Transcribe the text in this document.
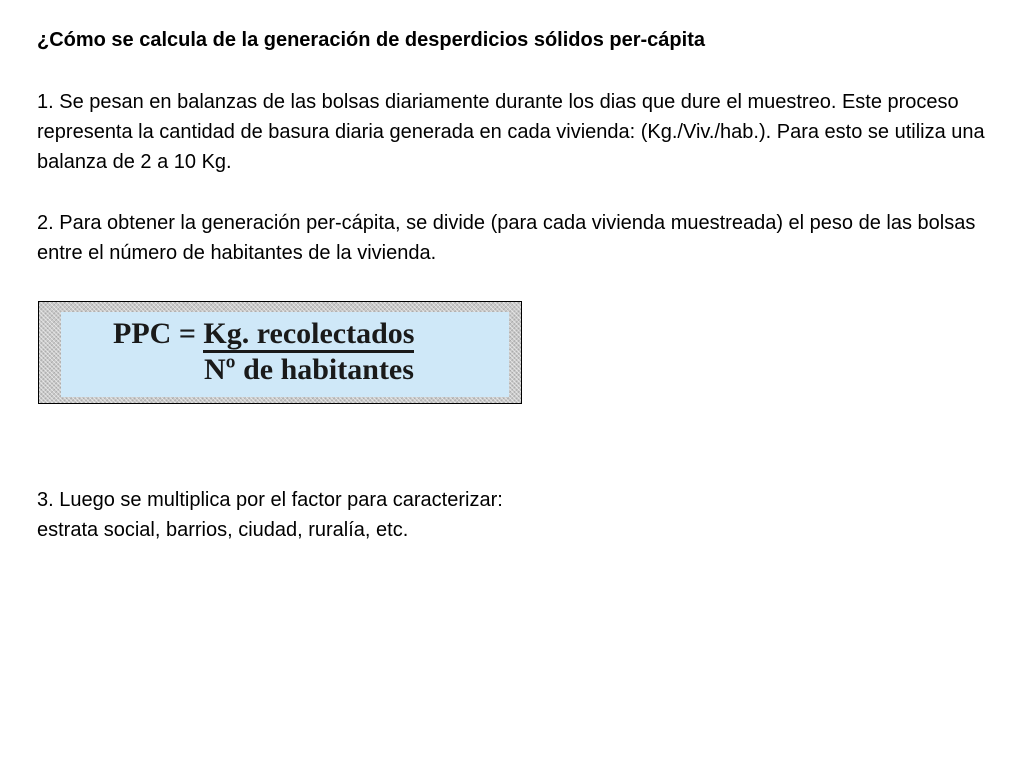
¿Cómo se calcula de la generación de desperdicios sólidos per-cápita

1. Se pesan en balanzas de las bolsas diariamente durante los dias que dure el muestreo. Este proceso representa la cantidad de basura diaria generada en cada vivienda: (Kg./Viv./hab.). Para esto se utiliza una balanza de 2 a 10 Kg.

2. Para obtener la generación per-cápita, se divide (para cada vivienda muestreada) el peso de las bolsas entre el número de habitantes de la vivienda.

PPC = Kg. recolectados
Nº de habitantes

3. Luego se multiplica por el factor para caracterizar: estrata social, barrios, ciudad, ruralía, etc.
